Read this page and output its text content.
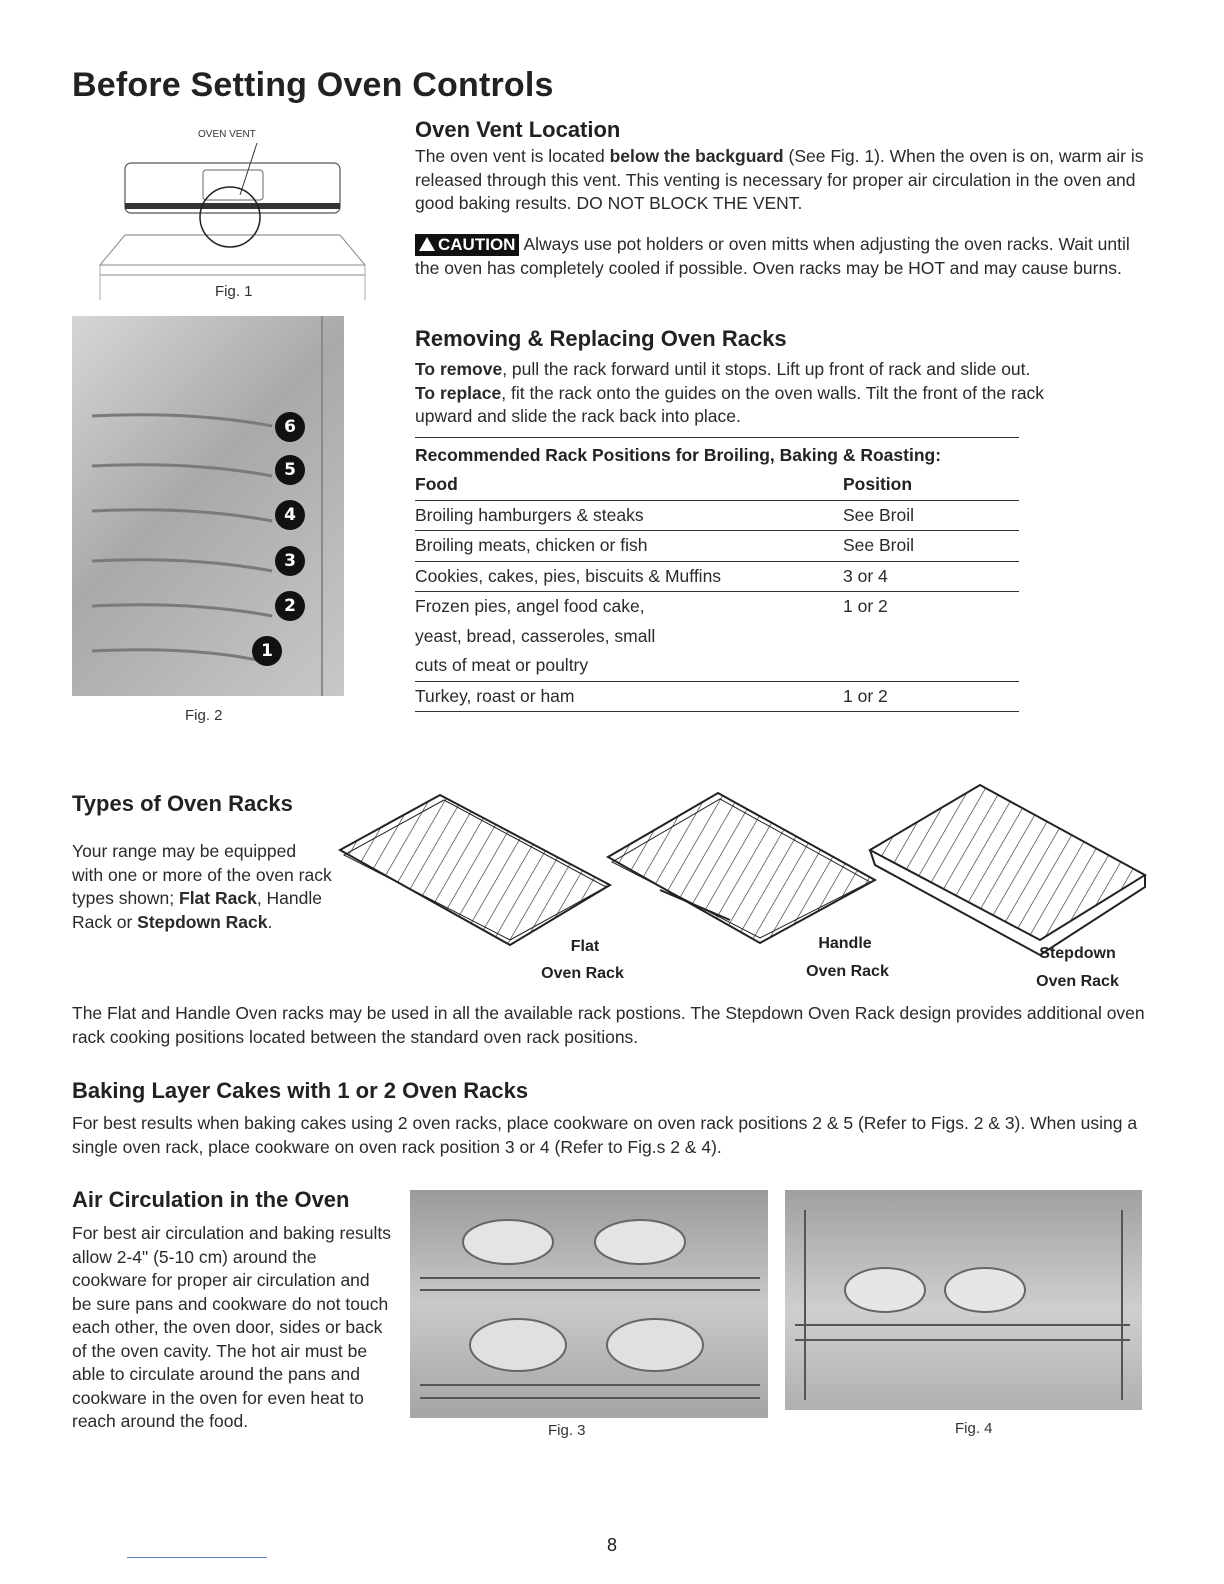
Before Setting Oven Controls
OVEN VENT
Fig. 1
Oven Vent Location
The oven vent is located below the backguard (See Fig. 1). When the oven is on, warm air is released through this vent. This venting is necessary for proper air circulation in the oven and good baking results. DO NOT BLOCK THE VENT.
CAUTION Always use pot holders or oven mitts when adjusting the oven racks. Wait until the oven has completely cooled if possible. Oven racks may be HOT and may cause burns.
6
5
4
3
2
1
Fig. 2
Removing & Replacing Oven Racks
To remove, pull the rack forward until it stops. Lift up front of rack and slide out. To replace, fit the rack onto the guides on the oven walls. Tilt the front of the rack upward and slide the rack back into place.
Recommended Rack Positions for Broiling, Baking & Roasting:
Food	Position
Broiling hamburgers & steaks	See Broil
Broiling meats, chicken or fish	See Broil
Cookies, cakes, pies, biscuits & Muffins	3 or 4
Frozen pies, angel food cake,	1 or 2
yeast, bread, casseroles, small
cuts of meat or poultry
Turkey, roast or ham	1 or 2
Types of Oven Racks
Your range may be equipped with one or more of the oven rack types shown; Flat Rack, Handle Rack or Stepdown Rack.
Flat
Oven Rack
Handle
Oven Rack
Stepdown
Oven Rack
The Flat and Handle Oven racks may be used in all the available rack postions. The Stepdown Oven Rack design provides additional oven rack cooking positions located between the standard oven rack positions.
Baking Layer Cakes with 1 or 2 Oven Racks
For best results when baking cakes using 2 oven racks, place cookware on oven rack positions 2 & 5 (Refer to Figs. 2 & 3). When using a single oven rack, place cookware on oven rack position 3 or 4 (Refer to Fig.s 2 & 4).
Air Circulation in the Oven
For best air circulation and baking results allow 2-4" (5-10 cm) around the cookware for proper air circulation and be sure pans and cookware do not touch each other, the oven door, sides or back of the oven cavity. The hot air must be able to circulate around the pans and cookware in the oven for even heat to reach around the food.	Fig. 3	Fig. 4
8
